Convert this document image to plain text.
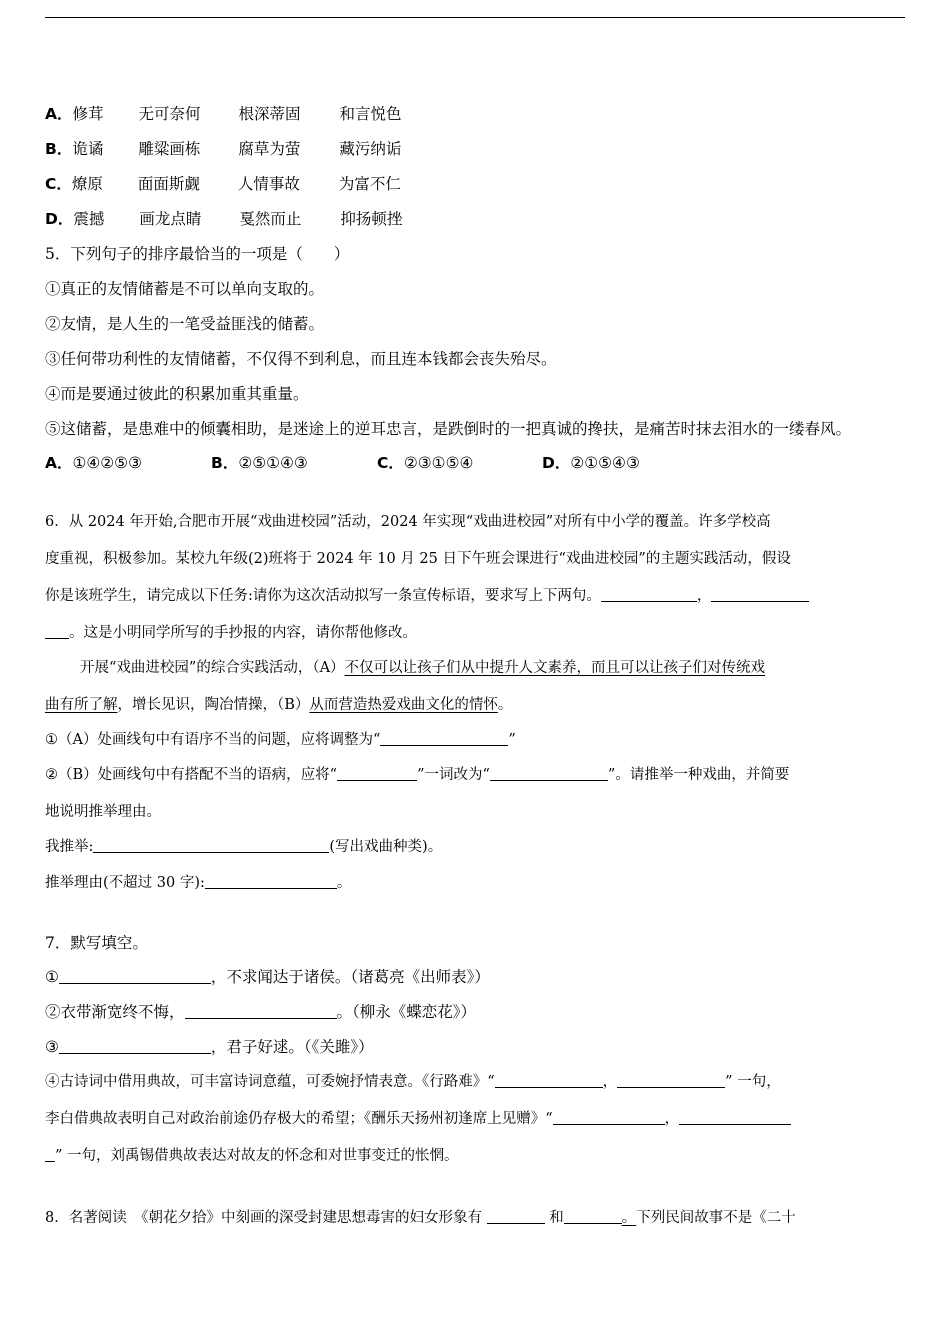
A．修茸 无可奈何 根深蒂固	和言悦色
B．诡谲 雕粱画栋 腐草为萤	藏污纳诟
C．燎原 面面斯觑 人情事故	为富不仁
D．震撼 画龙点睛 戛然而止	抑扬顿挫
5．下列句子的排序最恰当的一项是（　　）
①真正的友情储蓄是不可以单向支取的。
②友情，是人生的一笔受益匪浅的储蓄。
③任何带功利性的友情储蓄，不仅得不到利息，而且连本钱都会丧失殆尽。
④而是要通过彼此的积累加重其重量。
⑤这储蓄，是患难中的倾囊相助，是迷途上的逆耳忠言，是跌倒时的一把真诚的搀扶，是痛苦时抹去泪水的一缕春风。
A．①④②⑤③	B．②⑤①④③	C．②③①⑤④	D．②①⑤④③
6．从 2024 年开始,合肥市开展“戏曲进校园”活动，2024 年实现“戏曲进校园”对所有中小学的覆盖。许多学校高
度重视，积极参加。某校九年级(2)班将于 2024 年 10 月 25 日下午班会课进行“戏曲进校园”的主题实践活动，假设
你是该班学生，请完成以下任务:请你为这次活动拟写一条宣传标语，要求写上下两句。	，
。这是小明同学所写的手抄报的内容，请你帮他修改。
开展“戏曲进校园”的综合实践活动，（A）不仅可以让孩子们从中提升人文素养，而且可以让孩子们对传统戏
曲有所了解，增长见识，陶冶情操，（B）从而营造热爱戏曲文化的情怀。
①（A）处画线句中有语序不当的问题，应将调整为“	”
②（B）处画线句中有搭配不当的语病，应将“	”一词改为“	”。请推举一种戏曲，并简要
地说明推举理由。
我推举:	(写出戏曲种类)。
推举理由(不超过 30 字):	。
7．默写填空。
①	，不求闻达于诸侯。（诸葛亮《出师表》）
②衣带渐宽终不悔，	。（柳永《蝶恋花》）
③	，君子好逑。（《关雎》）
④古诗词中借用典故，可丰富诗词意蕴，可委婉抒情表意。《行路难》“	，	” 一句，
李白借典故表明自己对政治前途仍存极大的希望；《酬乐天扬州初逢席上见赠》“	，
” 一句，刘禹锡借典故表达对故友的怀念和对世事变迁的怅惘。
8．名著阅读　《朝花夕拾》中刻画的深受封建思想毒害的妇女形象有	和	。下列民间故事不是《二十
